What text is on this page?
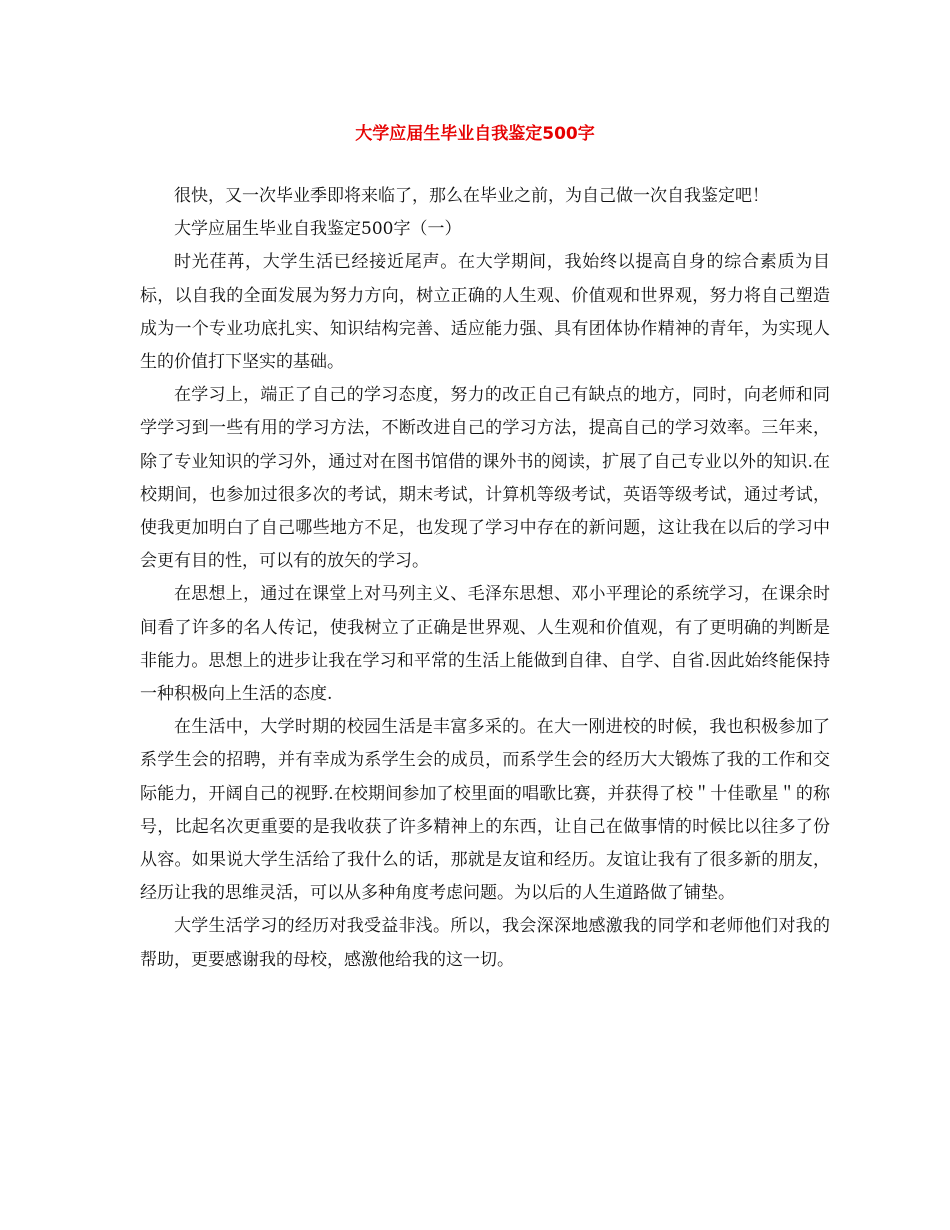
大学应届生毕业自我鉴定500字

很快，又一次毕业季即将来临了，那么在毕业之前，为自己做一次自我鉴定吧！

大学应届生毕业自我鉴定500字（一）

时光荏苒，大学生活已经接近尾声。在大学期间，我始终以提高自身的综合素质为目标，以自我的全面发展为努力方向，树立正确的人生观、价值观和世界观，努力将自己塑造成为一个专业功底扎实、知识结构完善、适应能力强、具有团体协作精神的青年，为实现人生的价值打下坚实的基础。

在学习上，端正了自己的学习态度，努力的改正自己有缺点的地方，同时，向老师和同学学习到一些有用的学习方法，不断改进自己的学习方法，提高自己的学习效率。三年来，除了专业知识的学习外，通过对在图书馆借的课外书的阅读，扩展了自己专业以外的知识.在校期间，也参加过很多次的考试，期末考试，计算机等级考试，英语等级考试，通过考试，使我更加明白了自己哪些地方不足，也发现了学习中存在的新问题，这让我在以后的学习中会更有目的性，可以有的放矢的学习。

在思想上，通过在课堂上对马列主义、毛泽东思想、邓小平理论的系统学习，在课余时间看了许多的名人传记，使我树立了正确是世界观、人生观和价值观，有了更明确的判断是非能力。思想上的进步让我在学习和平常的生活上能做到自律、自学、自省.因此始终能保持一种积极向上生活的态度.

在生活中，大学时期的校园生活是丰富多采的。在大一刚进校的时候，我也积极参加了系学生会的招聘，并有幸成为系学生会的成员，而系学生会的经历大大锻炼了我的工作和交际能力，开阔自己的视野.在校期间参加了校里面的唱歌比赛，并获得了校＂十佳歌星＂的称号，比起名次更重要的是我收获了许多精神上的东西，让自己在做事情的时候比以往多了份从容。如果说大学生活给了我什么的话，那就是友谊和经历。友谊让我有了很多新的朋友，经历让我的思维灵活，可以从多种角度考虑问题。为以后的人生道路做了铺垫。

大学生活学习的经历对我受益非浅。所以，我会深深地感激我的同学和老师他们对我的帮助，更要感谢我的母校，感激他给我的这一切。
